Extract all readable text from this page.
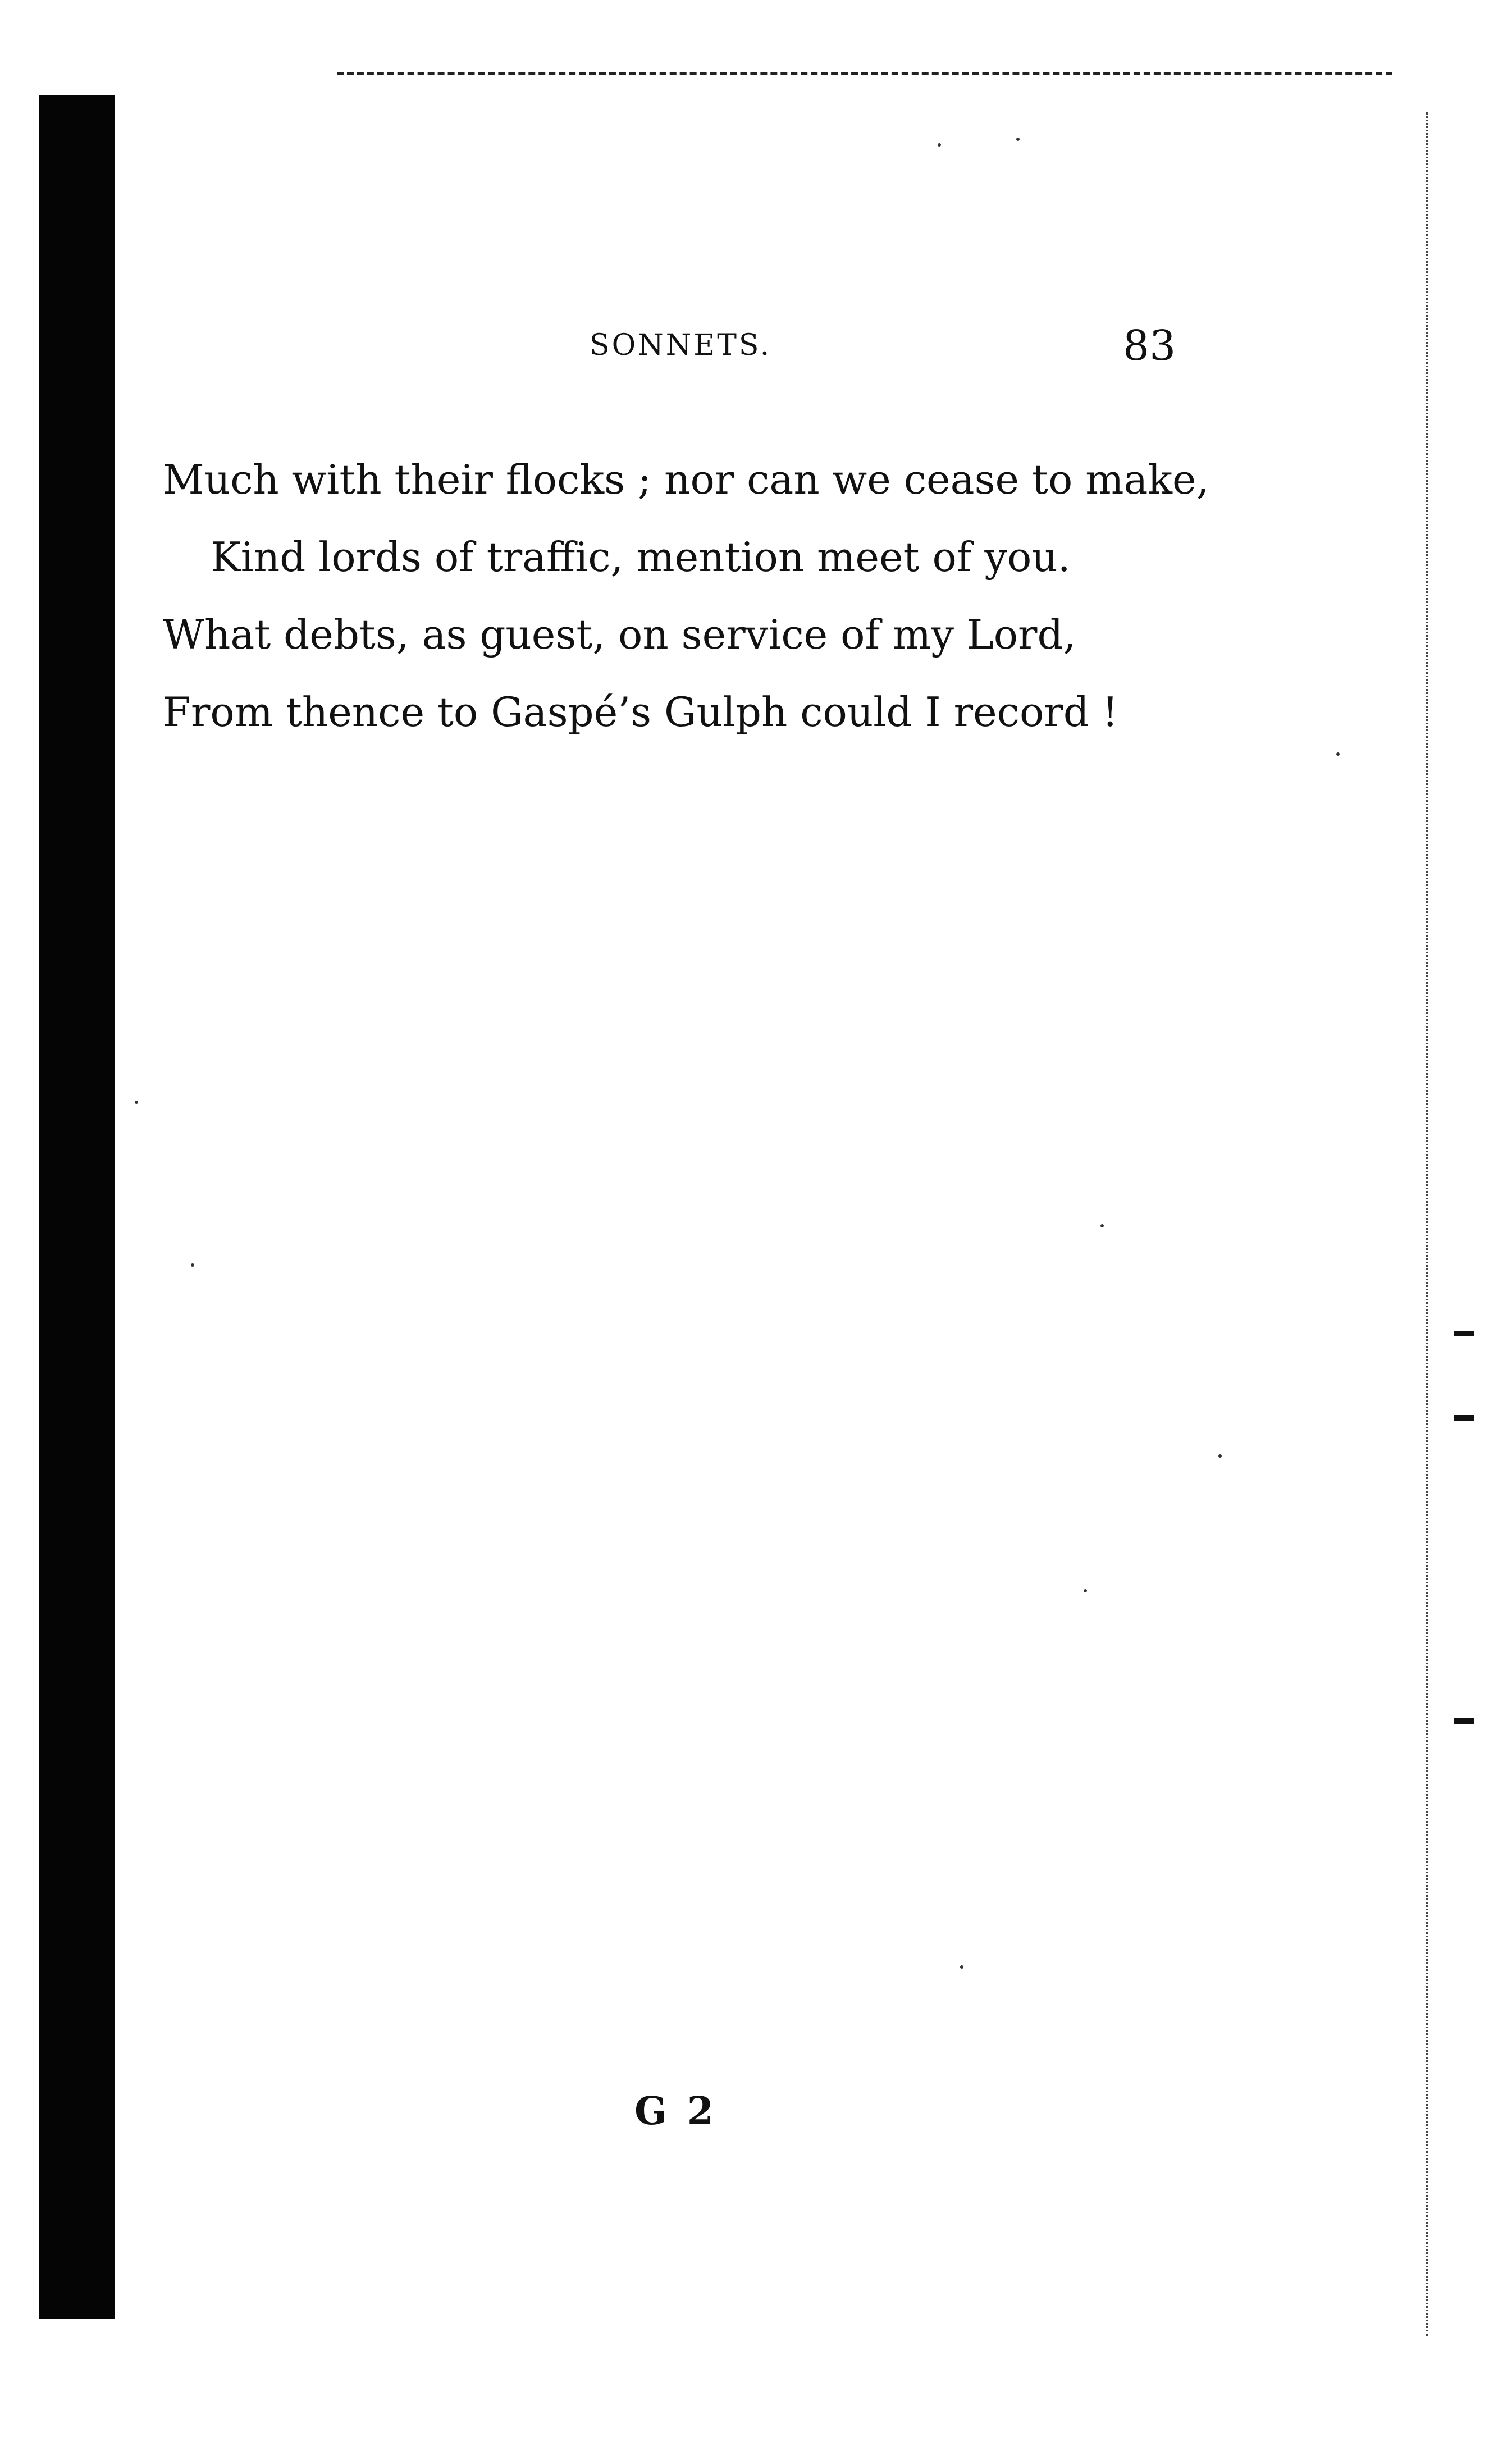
SONNETS.	83
Much with their flocks ; nor can we cease to make,
Kind lords of traffic, mention meet of you.
What debts, as guest, on service of my Lord,
From thence to Gaspé’s Gulph could I record !
G 2
